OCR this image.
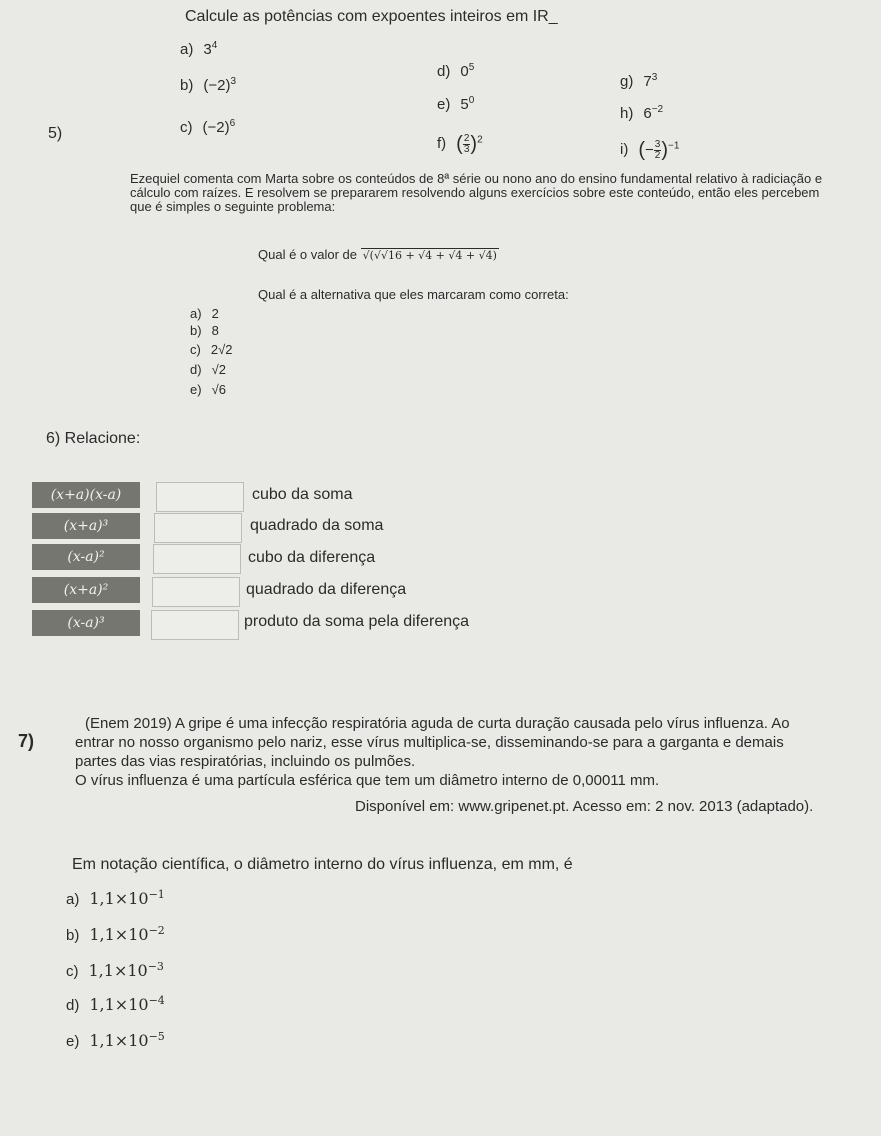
Calcule as potências com expoentes inteiros em IR_
5)
a) $3^4$
b) $(-2)^3$
c) $(-2)^6$
d) $0^5$
e) $5^0$
f) ( $\frac{2}{3} )^2$
g) $7^3$
h) $6^{-2}$
i) (− $\frac{3}{2} )^{-1}$
Ezequiel comenta com Marta sobre os conteúdos de 8ª série ou nono ano do ensino fundamental relativo à radiciação e cálculo com raízes. E resolvem se prepararem resolvendo alguns exercícios sobre este conteúdo, então eles percebem que é simples o seguinte problema:
Qual é o valor de √(√√16 + √4 + √4 + √4)
Qual é a alternativa que eles marcaram como correta:
a) 2
b) 8
c) 2√2
d) √2
e) √6
6) Relacione:
(x+a)(x-a)
(x+a)³
(x-a)²
(x+a)²
(x-a)³
cubo da soma
quadrado da soma
cubo da diferença
quadrado da diferença
produto da soma pela diferença
7)
(Enem 2019) A gripe é uma infecção respiratória aguda de curta duração causada pelo vírus influenza. Ao
entrar no nosso organismo pelo nariz, esse vírus multiplica-se, disseminando-se para a garganta e demais
partes das vias respiratórias, incluindo os pulmões.
O vírus influenza é uma partícula esférica que tem um diâmetro interno de 0,00011 mm.
Disponível em: www.gripenet.pt. Acesso em: 2 nov. 2013 (adaptado).
Em notação científica, o diâmetro interno do vírus influenza, em mm, é
a) $1,1\times 10^{-1}$
b) $1,1\times 10^{-2}$
c) $1,1\times 10^{-3}$
d) $1,1\times 10^{-4}$
e) $1,1\times 10^{-5}$
